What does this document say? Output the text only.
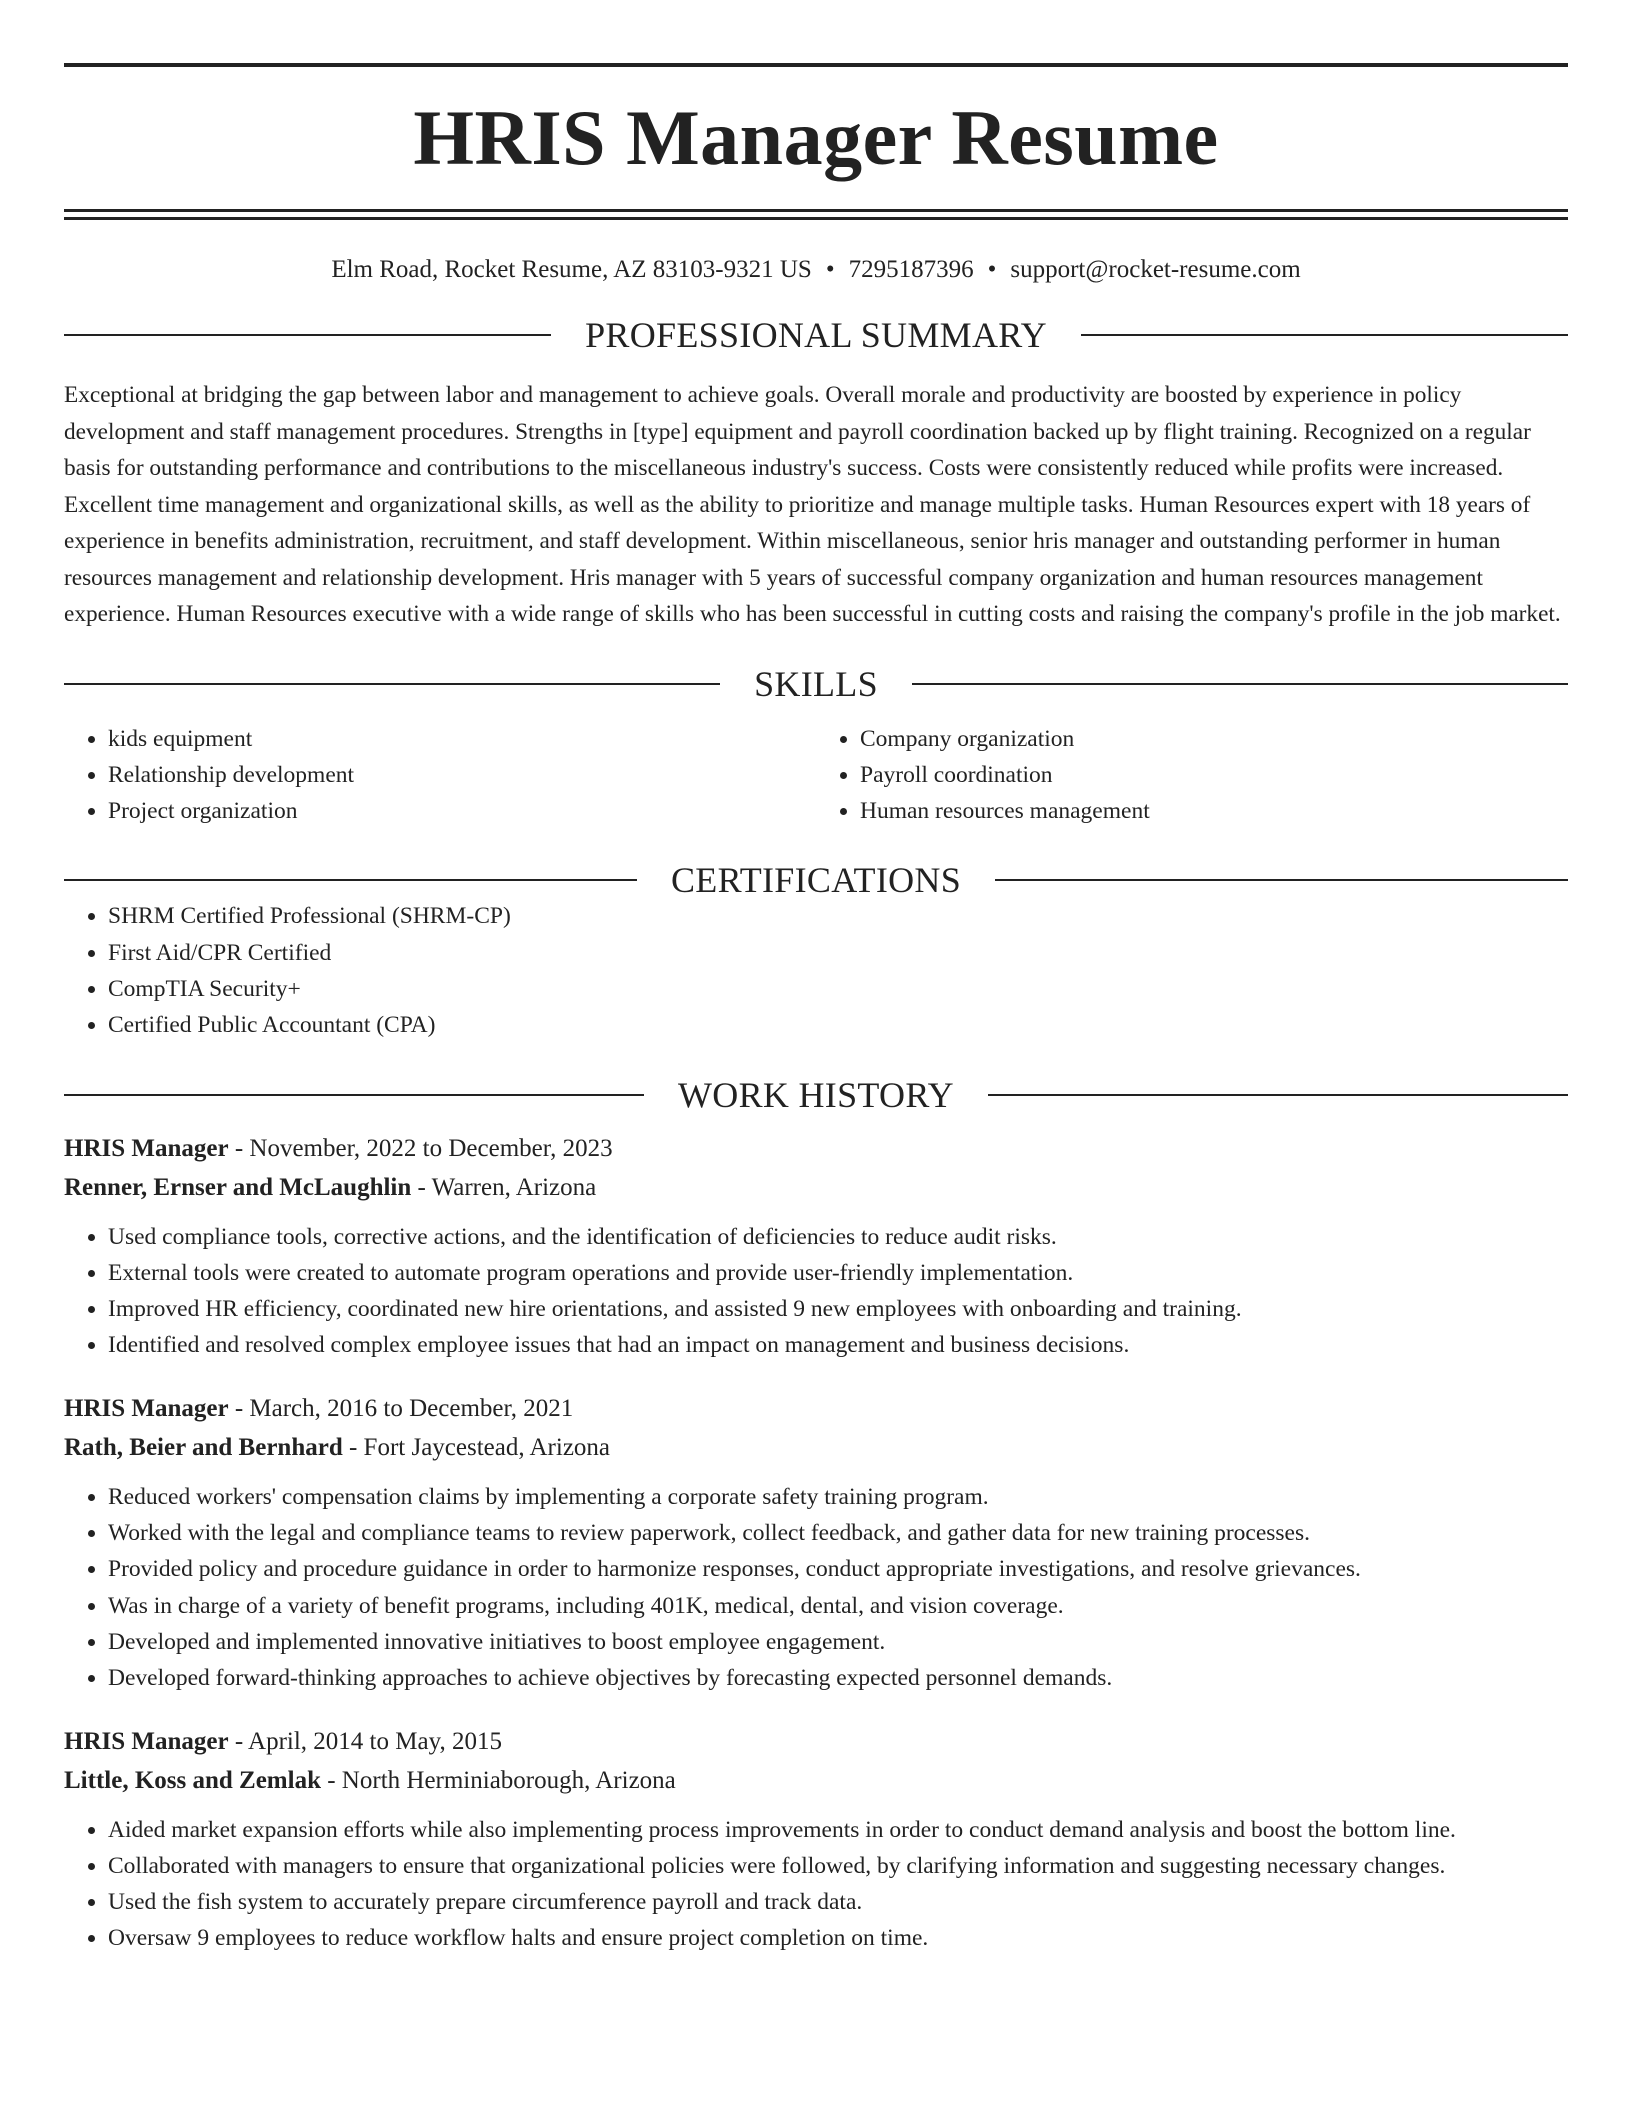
HRIS Manager Resume
Elm Road, Rocket Resume, AZ 83103-9321 US • 7295187396 • support@rocket-resume.com
PROFESSIONAL SUMMARY

Exceptional at bridging the gap between labor and management to achieve goals. Overall morale and productivity are boosted by experience in policy development and staff management procedures. Strengths in [type] equipment and payroll coordination backed up by flight training. Recognized on a regular basis for outstanding performance and contributions to the miscellaneous industry's success. Costs were consistently reduced while profits were increased. Excellent time management and organizational skills, as well as the ability to prioritize and manage multiple tasks. Human Resources expert with 18 years of experience in benefits administration, recruitment, and staff development. Within miscellaneous, senior hris manager and outstanding performer in human resources management and relationship development. Hris manager with 5 years of successful company organization and human resources management experience. Human Resources executive with a wide range of skills who has been successful in cutting costs and raising the company's profile in the job market.

SKILLS
• kids equipment
• Relationship development
• Project organization
• Company organization
• Payroll coordination
• Human resources management
CERTIFICATIONS
• SHRM Certified Professional (SHRM-CP)
• First Aid/CPR Certified
• CompTIA Security+
• Certified Public Accountant (CPA)
WORK HISTORY
HRIS Manager - November, 2022 to December, 2023
Renner, Ernser and McLaughlin - Warren, Arizona
• Used compliance tools, corrective actions, and the identification of deficiencies to reduce audit risks.
• External tools were created to automate program operations and provide user-friendly implementation.
• Improved HR efficiency, coordinated new hire orientations, and assisted 9 new employees with onboarding and training.
• Identified and resolved complex employee issues that had an impact on management and business decisions.
HRIS Manager - March, 2016 to December, 2021
Rath, Beier and Bernhard - Fort Jaycestead, Arizona
• Reduced workers' compensation claims by implementing a corporate safety training program.
• Worked with the legal and compliance teams to review paperwork, collect feedback, and gather data for new training processes.
• Provided policy and procedure guidance in order to harmonize responses, conduct appropriate investigations, and resolve grievances.
• Was in charge of a variety of benefit programs, including 401K, medical, dental, and vision coverage.
• Developed and implemented innovative initiatives to boost employee engagement.
• Developed forward-thinking approaches to achieve objectives by forecasting expected personnel demands.
HRIS Manager - April, 2014 to May, 2015
Little, Koss and Zemlak - North Herminiaborough, Arizona
• Aided market expansion efforts while also implementing process improvements in order to conduct demand analysis and boost the bottom line.
• Collaborated with managers to ensure that organizational policies were followed, by clarifying information and suggesting necessary changes.
• Used the fish system to accurately prepare circumference payroll and track data.
• Oversaw 9 employees to reduce workflow halts and ensure project completion on time.
